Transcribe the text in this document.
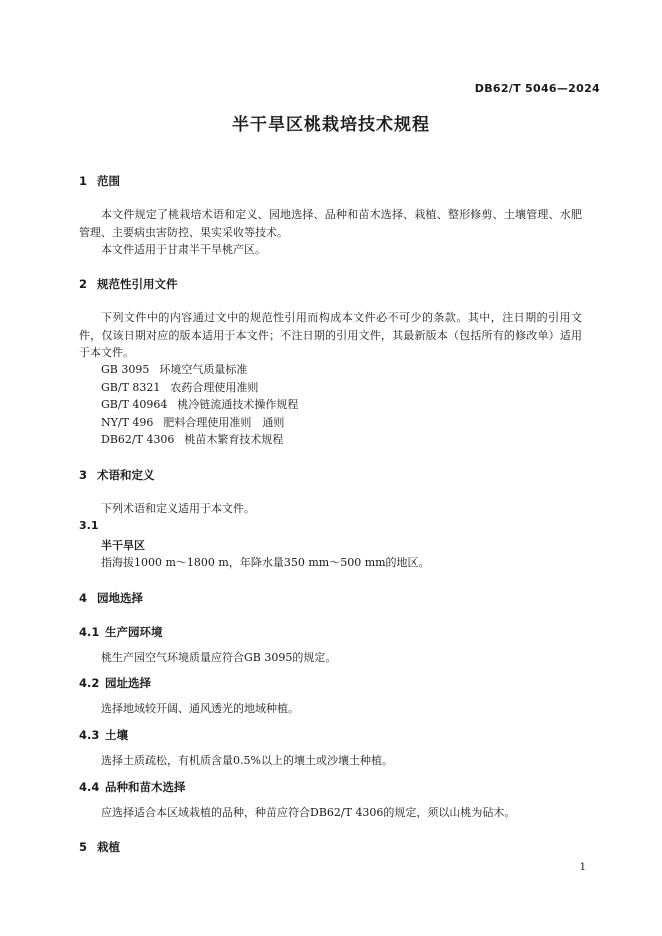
DB62/T 5046—2024
半干旱区桃栽培技术规程
1 范围
本文件规定了桃栽培术语和定义、园地选择、品种和苗木选择、栽植、整形修剪、土壤管理、水肥管理、主要病虫害防控、果实采收等技术。
本文件适用于甘肃半干旱桃产区。
2 规范性引用文件
下列文件中的内容通过文中的规范性引用而构成本文件必不可少的条款。其中，注日期的引用文件，仅该日期对应的版本适用于本文件；不注日期的引用文件，其最新版本（包括所有的修改单）适用于本文件。
GB 3095 环境空气质量标准
GB/T 8321 农药合理使用准则
GB/T 40964 桃冷链流通技术操作规程
NY/T 496 肥料合理使用准则　通则
DB62/T 4306 桃苗木繁育技术规程
3 术语和定义
下列术语和定义适用于本文件。
3.1
半干旱区
指海拔1000 m～1800 m，年降水量350 mm～500 mm的地区。
4 园地选择
4.1 生产园环境
桃生产园空气环境质量应符合GB 3095的规定。
4.2 园址选择
选择地域较开阔、通风透光的地域种植。
4.3 土壤
选择土质疏松，有机质含量0.5%以上的壤土或沙壤土种植。
4.4 品种和苗木选择
应选择适合本区域栽植的品种，种苗应符合DB62/T 4306的规定，须以山桃为砧木。
5 栽植
1
